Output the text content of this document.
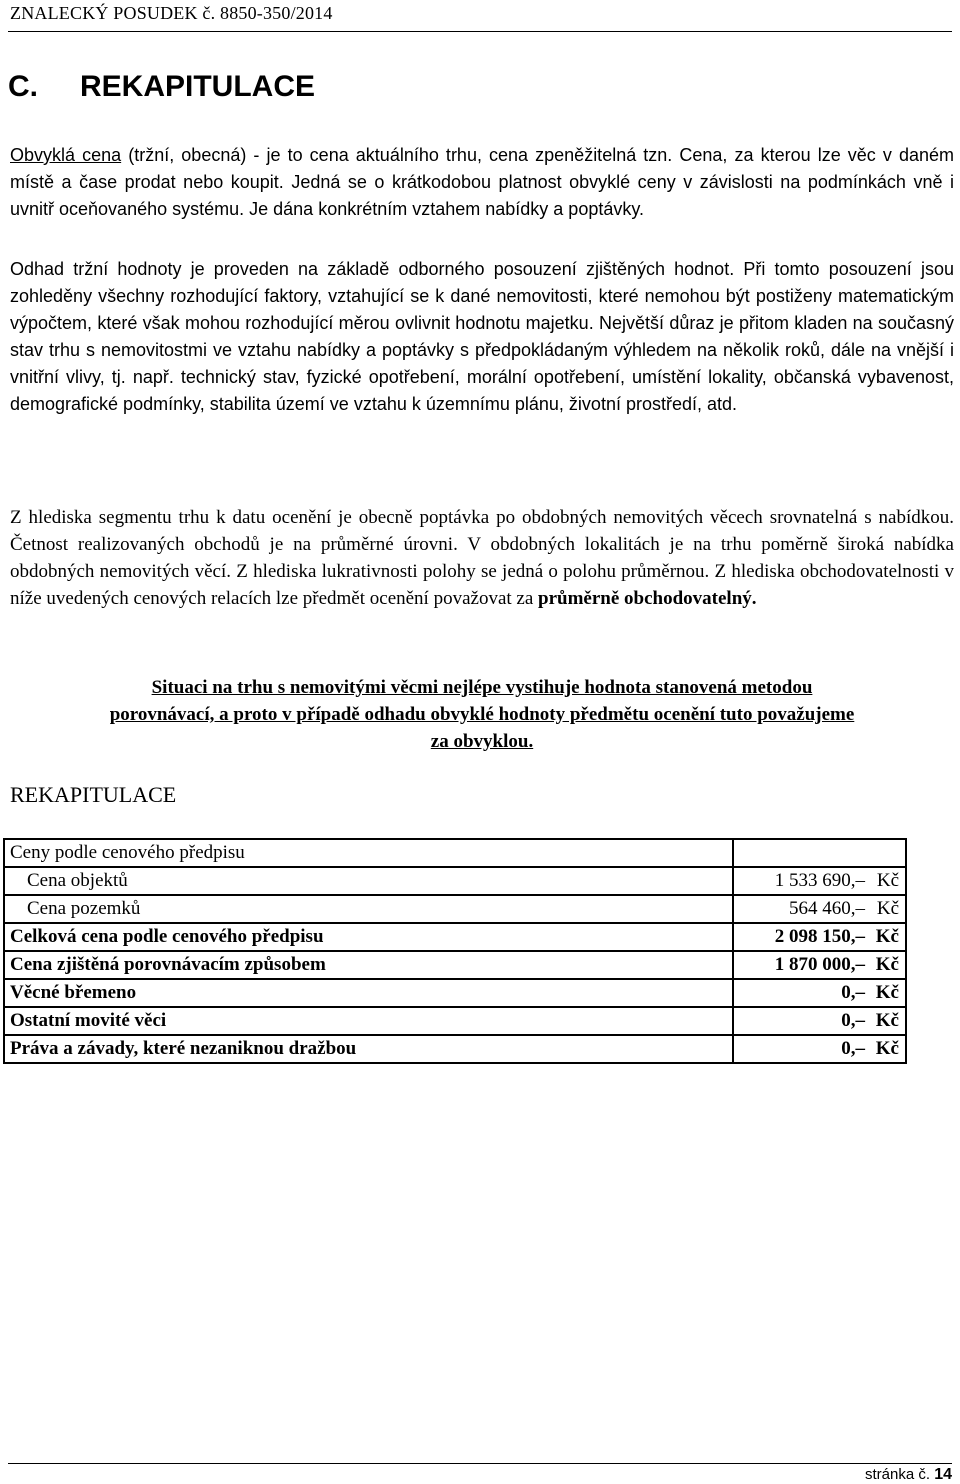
ZNALECKÝ POSUDEK č. 8850-350/2014
C. REKAPITULACE

Obvyklá cena (tržní, obecná) - je to cena aktuálního trhu, cena zpeněžitelná tzn. Cena, za kterou lze věc v daném místě a čase prodat nebo koupit. Jedná se o krátkodobou platnost obvyklé ceny v závislosti na podmínkách vně i uvnitř oceňovaného systému. Je dána konkrétním vztahem nabídky a poptávky.

Odhad tržní hodnoty je proveden na základě odborného posouzení zjištěných hodnot. Při tomto posouzení jsou zohleděny všechny rozhodující faktory, vztahující se k dané nemovitosti, které nemohou být postiženy matematickým výpočtem, které však mohou rozhodující měrou ovlivnit hodnotu majetku. Největší důraz je přitom kladen na současný stav trhu s nemovitostmi ve vztahu nabídky a poptávky s předpokládaným výhledem na několik roků, dále na vnější i vnitřní vlivy, tj. např. technický stav, fyzické opotřebení, morální opotřebení, umístění lokality, občanská vybavenost, demografické podmínky, stabilita území ve vztahu k územnímu plánu, životní prostředí, atd.

Z hlediska segmentu trhu k datu ocenění je obecně poptávka po obdobných nemovitých věcech srovnatelná s nabídkou. Četnost realizovaných obchodů je na průměrné úrovni. V obdobných lokalitách je na trhu poměrně široká nabídka obdobných nemovitých věcí. Z hlediska lukrativnosti polohy se jedná o polohu průměrnou. Z hlediska obchodovatelnosti v níže uvedených cenových relacích lze předmět ocenění považovat za průměrně obchodovatelný.

Situaci na trhu s nemovitými věcmi nejlépe vystihuje hodnota stanovená metodou
porovnávací, a proto v případě odhadu obvyklé hodnoty předmětu ocenění tuto považujeme
za obvyklou.
REKAPITULACE
Ceny podle cenového předpisu	
Cena objektů	1 533 690,– Kč
Cena pozemků	564 460,– Kč
Celková cena podle cenového předpisu	2 098 150,– Kč
Cena zjištěná porovnávacím způsobem	1 870 000,– Kč
Věcné břemeno	0,– Kč
Ostatní movité věci	0,– Kč
Práva a závady, které nezaniknou dražbou	0,– Kč
stránka č. 14
